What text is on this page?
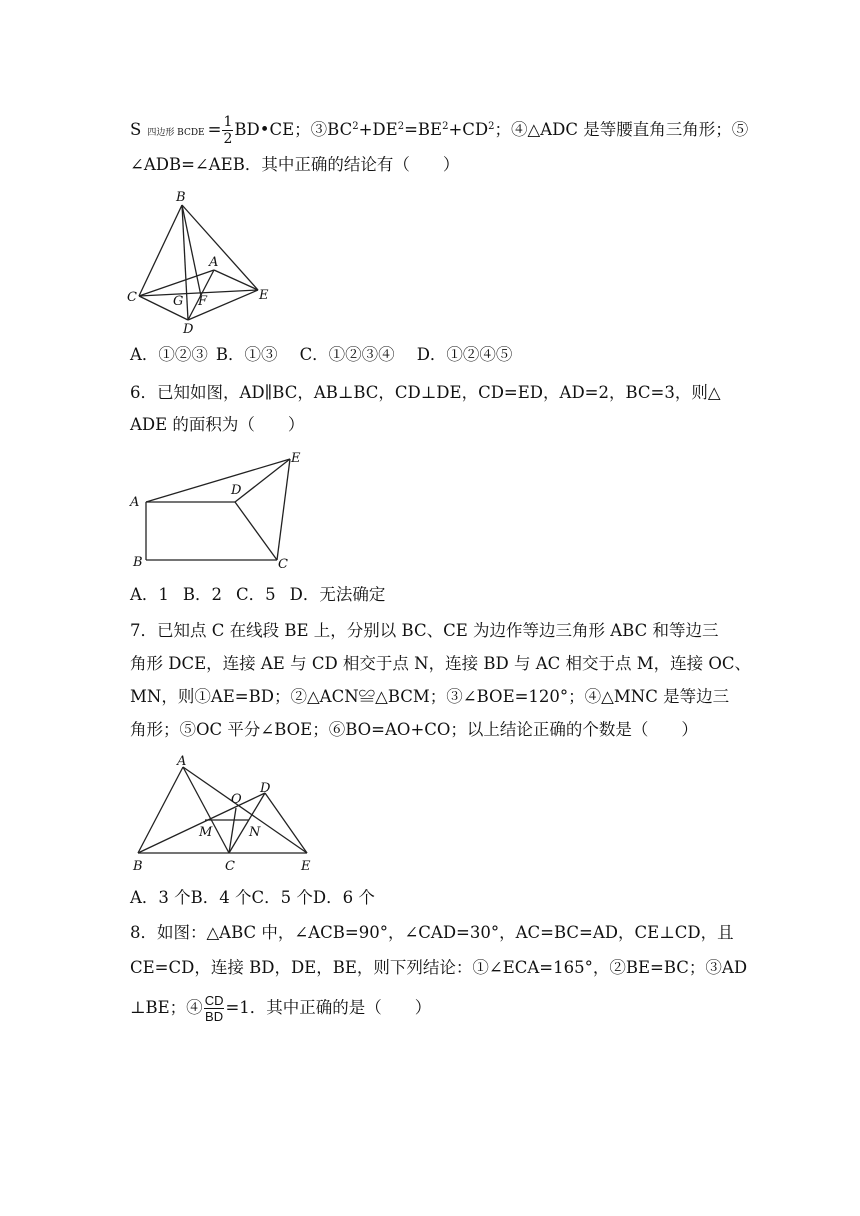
S四边形 BCDE = $\frac{1}{2}$ BD•CE；$③BC^2+DE^2=BE^2+CD^2$；④△ADC 是等腰直角三角形；⑤
∠ADB=∠AEB．其中正确的结论有（　　）
B
A
C	G F	E
D
A．①②③ B．①③ C．①②③④ D．①②④⑤
6．已知如图，AD∥BC，AB⊥BC，CD⊥DE，CD=ED，AD=2，BC=3，则△
ADE 的面积为（　　）
E
D
A
B	C
A．1 B．2 C．5 D．无法确定
7．已知点 C 在线段 BE 上，分别以 BC、CE 为边作等边三角形 ABC 和等边三
角形 DCE，连接 AE 与 CD 相交于点 N，连接 BD 与 AC 相交于点 M，连接 OC、
MN，则①AE=BD；②△ACN≌△BCM；③∠BOE=120°；④△MNC 是等边三
角形；⑤OC 平分∠BOE；⑥BO=AO+CO；以上结论正确的个数是（　　）
A
D
O
M	N
B	C	E
A．3 个B．4 个C．5 个D．6 个
8．如图：△ABC 中，∠ACB=90°，∠CAD=30°，AC=BC=AD，CE⊥CD，且
CE=CD，连接 BD，DE，BE，则下列结论：①∠ECA=165°，②BE=BC；③AD
⊥BE；④ $\frac{CD}{BD} =1$．其中正确的是（　　）
